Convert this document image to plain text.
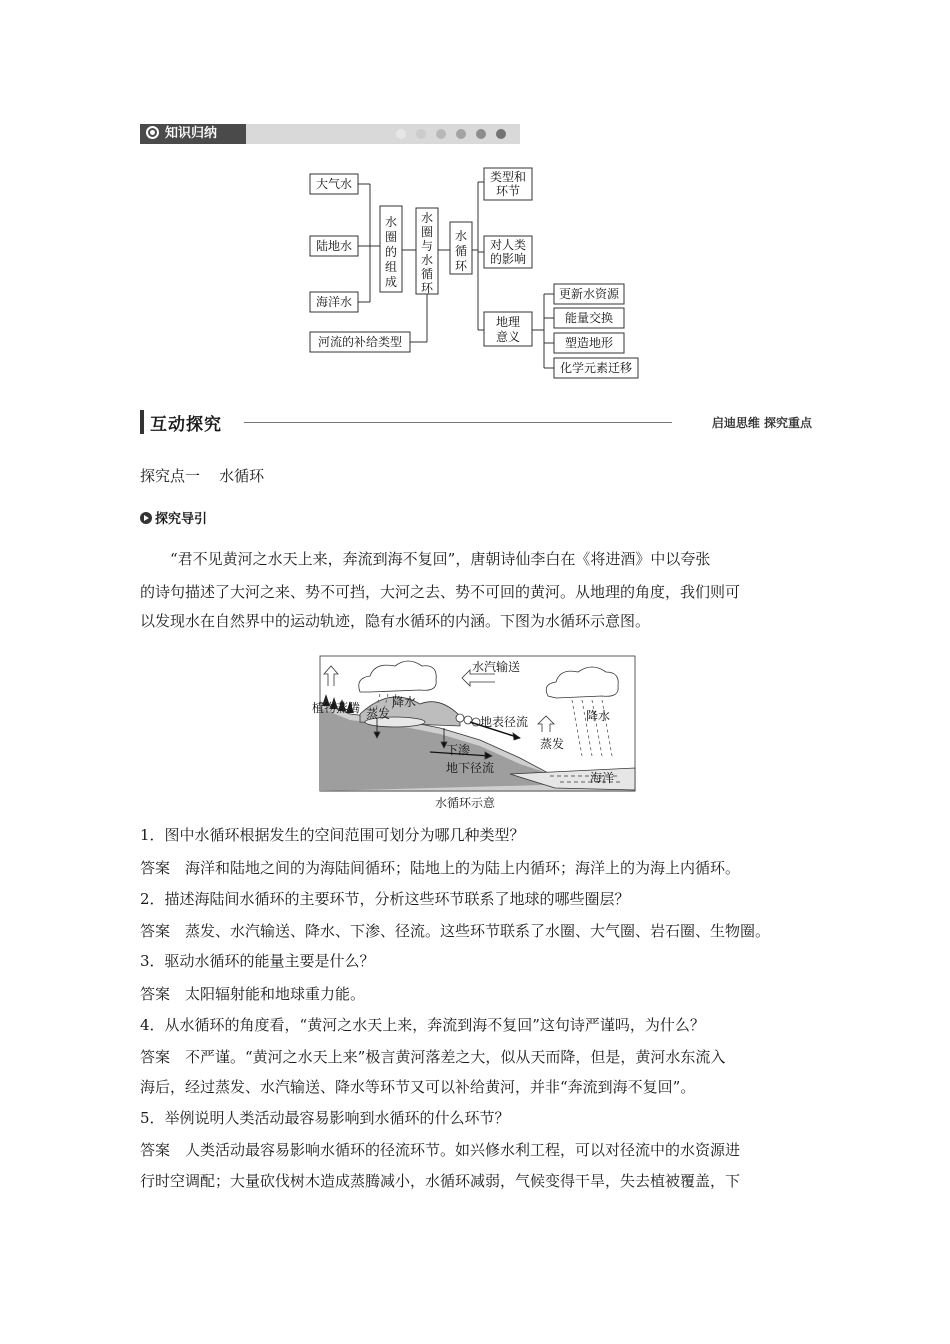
知识归纳
大气水
陆地水
海洋水
水圈的组成
水圈与水循环
河流的补给类型
水循环
类型和
环节
对人类
的影响
地理
意义
更新水资源
能量交换
塑造地形
化学元素迁移
互动探究	启迪思维 探究重点
探究点一    水循环
探究导引
“君不见黄河之水天上来，奔流到海不复回”，唐朝诗仙李白在《将进酒》中以夸张
的诗句描述了大河之来、势不可挡，大河之去、势不可回的黄河。从地理的角度，我们则可
以发现水在自然界中的运动轨迹，隐有水循环的内涵。下图为水循环示意图。
水汽输送
植物蒸腾 蒸发
降水
降水
地表径流
下渗
地下径流
蒸发
海洋
水循环示意
1．图中水循环根据发生的空间范围可划分为哪几种类型？
答案　海洋和陆地之间的为海陆间循环；陆地上的为陆上内循环；海洋上的为海上内循环。
2．描述海陆间水循环的主要环节，分析这些环节联系了地球的哪些圈层？
答案　蒸发、水汽输送、降水、下渗、径流。这些环节联系了水圈、大气圈、岩石圈、生物圈。
3．驱动水循环的能量主要是什么？
答案　太阳辐射能和地球重力能。
4．从水循环的角度看，“黄河之水天上来，奔流到海不复回”这句诗严谨吗，为什么？
答案　不严谨。“黄河之水天上来”极言黄河落差之大，似从天而降，但是，黄河水东流入
海后，经过蒸发、水汽输送、降水等环节又可以补给黄河，并非“奔流到海不复回”。
5．举例说明人类活动最容易影响到水循环的什么环节？
答案　人类活动最容易影响水循环的径流环节。如兴修水利工程，可以对径流中的水资源进
行时空调配；大量砍伐树木造成蒸腾减小，水循环减弱，气候变得干旱，失去植被覆盖，下
